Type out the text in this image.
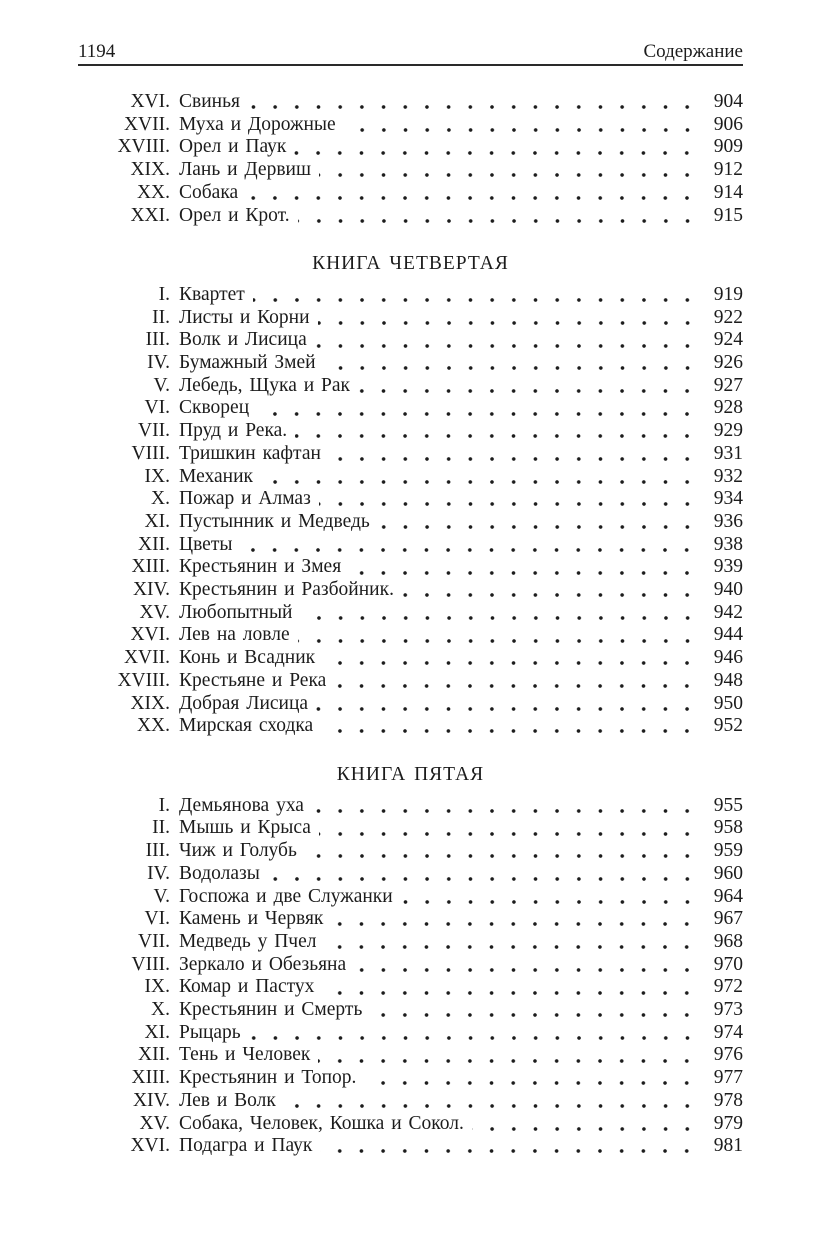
1194	Содержание
XVI. Свинья	904
XVII. Муха и Дорожные	906
XVIII. Орел и Паук	909
XIX. Лань и Дервиш	912
XX. Собака	914
XXI. Орел и Крот.	915
КНИГА ЧЕТВЕРТАЯ
I. Квартет	919
II. Листы и Корни	922
III. Волк и Лисица	924
IV. Бумажный Змей	926
V. Лебедь, Щука и Рак	927
VI. Скворец	928
VII. Пруд и Река.	929
VIII. Тришкин кафтан	931
IX. Механик	932
X. Пожар и Алмаз	934
XI. Пустынник и Медведь	936
XII. Цветы	938
XIII. Крестьянин и Змея	939
XIV. Крестьянин и Разбойник.	940
XV. Любопытный	942
XVI. Лев на ловле	944
XVII. Конь и Всадник	946
XVIII. Крестьяне и Река	948
XIX. Добрая Лисица	950
XX. Мирская сходка	952
КНИГА ПЯТАЯ
I. Демьянова уха	955
II. Мышь и Крыса	958
III. Чиж и Голубь	959
IV. Водолазы	960
V. Госпожа и две Служанки	964
VI. Камень и Червяк	967
VII. Медведь у Пчел	968
VIII. Зеркало и Обезьяна	970
IX. Комар и Пастух	972
X. Крестьянин и Смерть	973
XI. Рыцарь	974
XII. Тень и Человек	976
XIII. Крестьянин и Топор.	977
XIV. Лев и Волк	978
XV. Собака, Человек, Кошка и Сокол.	979
XVI. Подагра и Паук	981
